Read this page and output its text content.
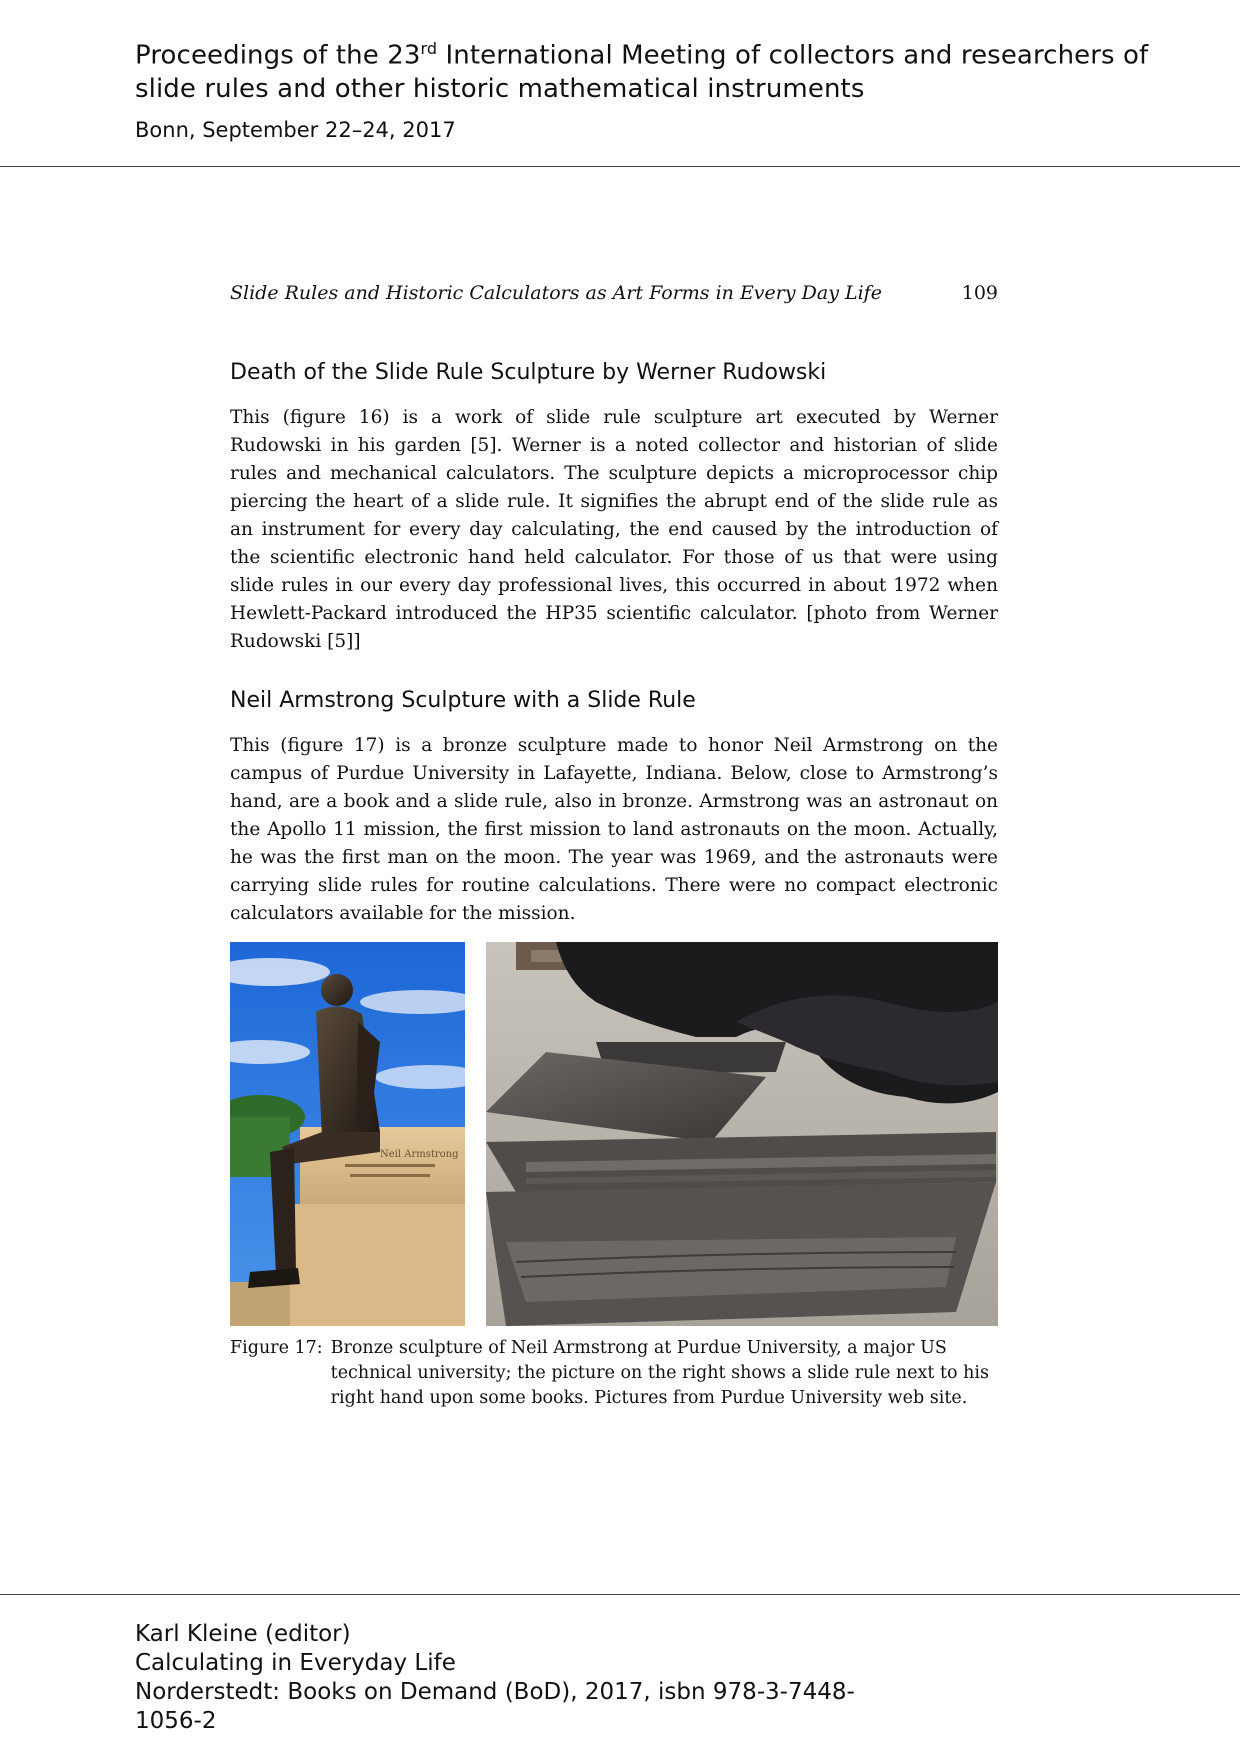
Proceedings of the 23rd International Meeting of collectors and researchers of slide rules and other historic mathematical instruments
Bonn, September 22–24, 2017
Slide Rules and Historic Calculators as Art Forms in Every Day Life	109
Death of the Slide Rule Sculpture by Werner Rudowski

This (figure 16) is a work of slide rule sculpture art executed by Werner Rudowski in his garden [5]. Werner is a noted collector and historian of slide rules and mechanical calculators. The sculpture depicts a microprocessor chip piercing the heart of a slide rule. It signifies the abrupt end of the slide rule as an instrument for every day calculating, the end caused by the introduction of the scientific electronic hand held calculator. For those of us that were using slide rules in our every day professional lives, this occurred in about 1972 when Hewlett-Packard introduced the HP35 scientific calculator. [photo from Werner Rudowski [5]]

Neil Armstrong Sculpture with a Slide Rule

This (figure 17) is a bronze sculpture made to honor Neil Armstrong on the campus of Purdue University in Lafayette, Indiana. Below, close to Armstrong’s hand, are a book and a slide rule, also in bronze. Armstrong was an astronaut on the Apollo 11 mission, the first mission to land astronauts on the moon. Actually, he was the first man on the moon. The year was 1969, and the astronauts were carrying slide rules for routine calculations. There were no compact electronic calculators available for the mission.

Neil Armstrong
Figure 17: Bronze sculpture of Neil Armstrong at Purdue University, a major US technical university; the picture on the right shows a slide rule next to his right hand upon some books. Pictures from Purdue University web site.
Karl Kleine (editor)
Calculating in Everyday Life
Norderstedt: Books on Demand (BoD), 2017, isbn 978-3-7448-
1056-2
